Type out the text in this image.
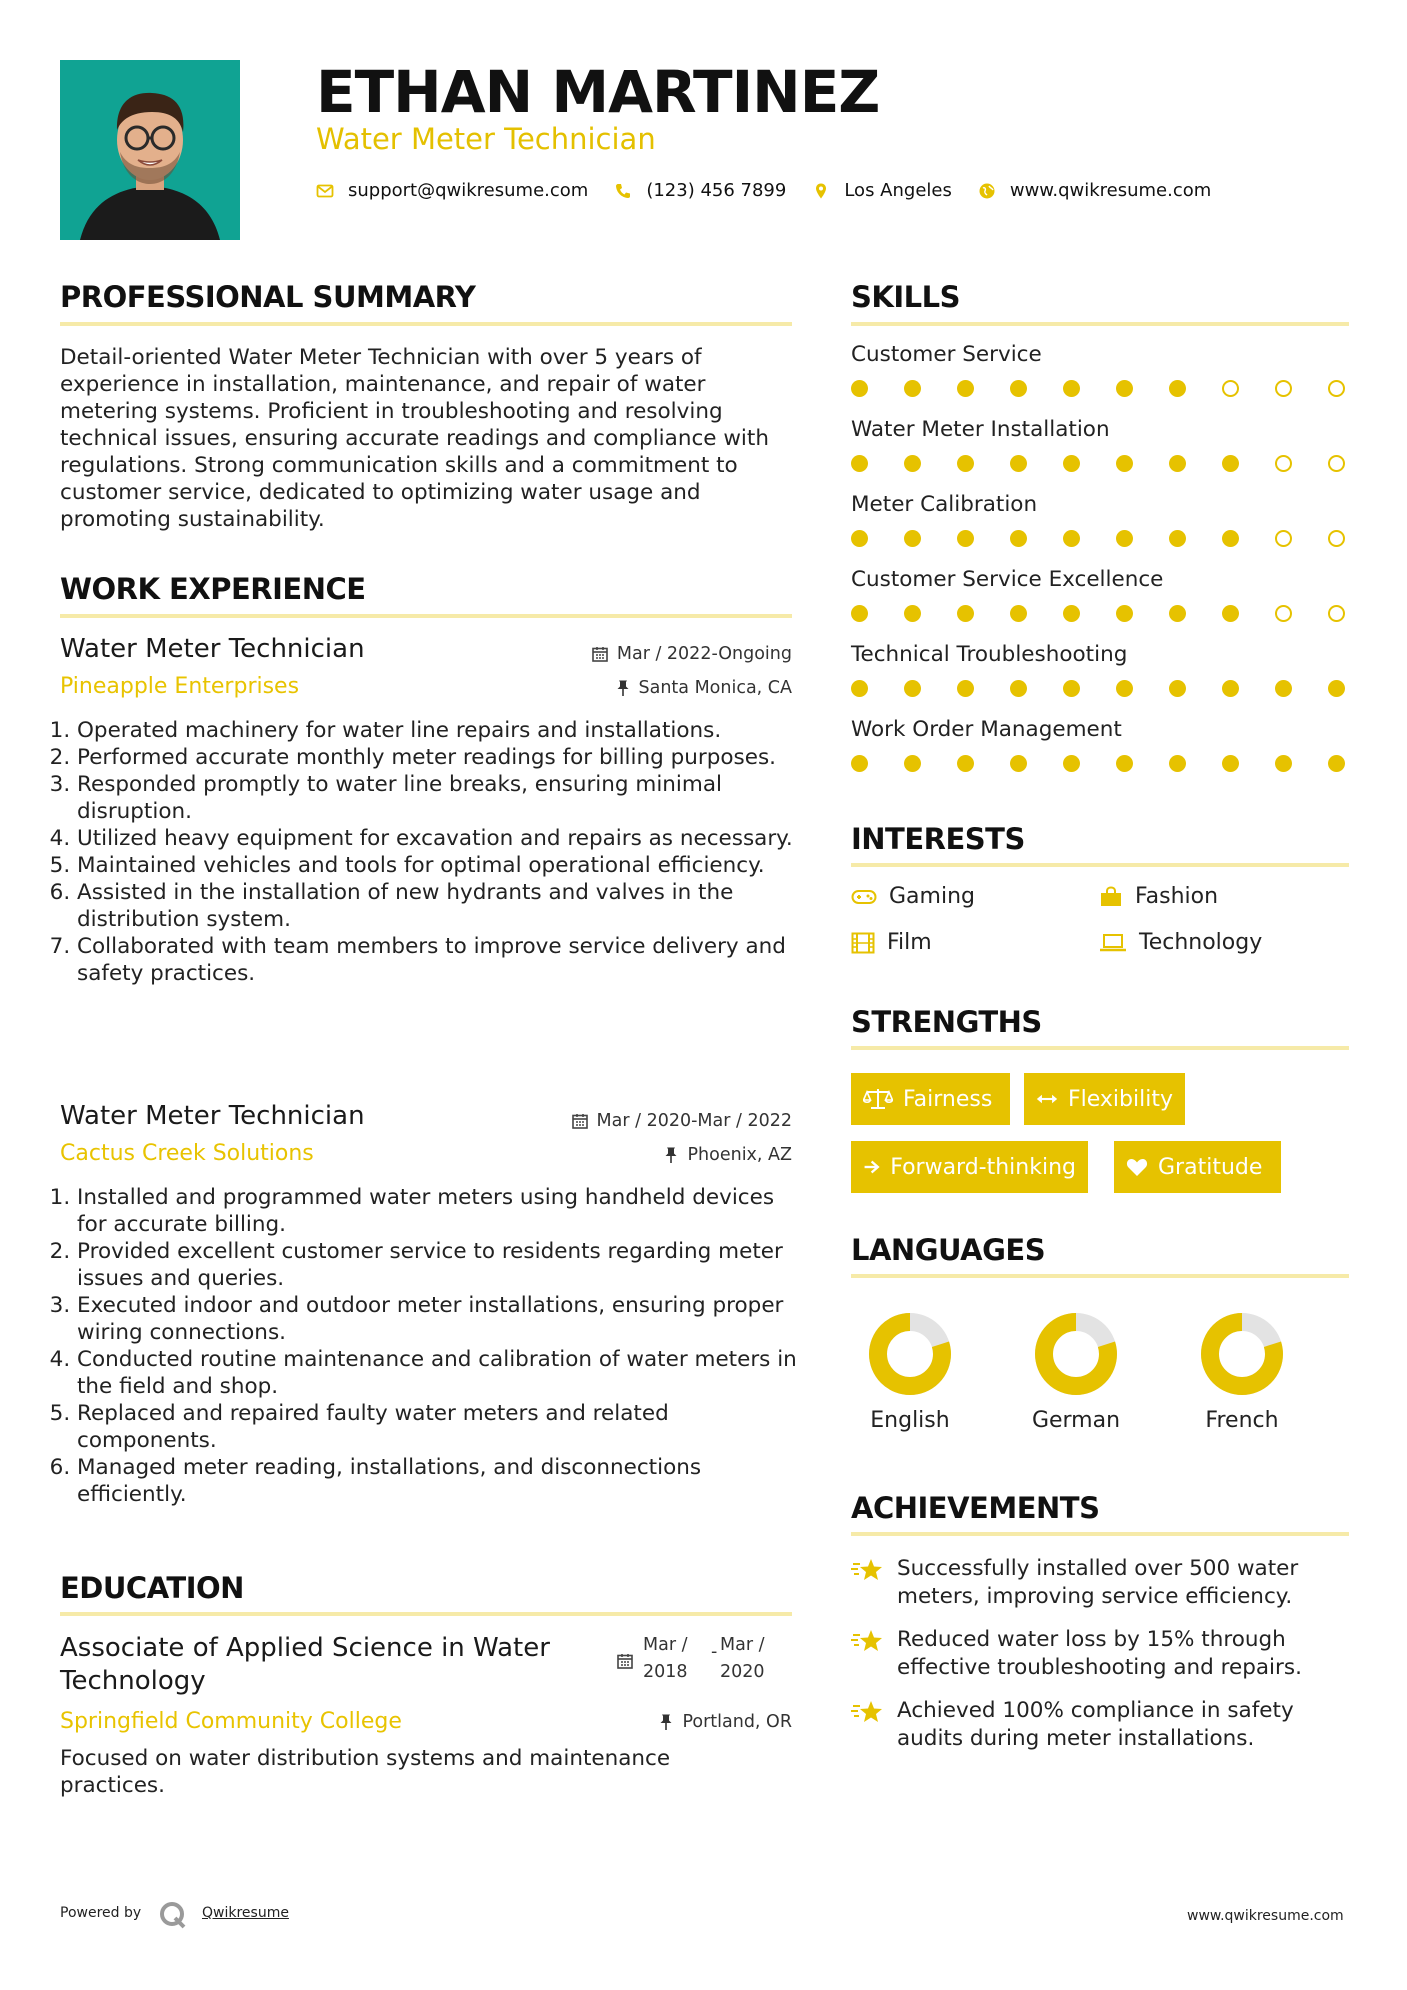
ETHAN MARTINEZ
Water Meter Technician
support@qwikresume.com	(123) 456 7899	Los Angeles	www.qwikresume.com
PROFESSIONAL SUMMARY
Detail-oriented Water Meter Technician with over 5 years of experience in installation, maintenance, and repair of water metering systems. Proficient in troubleshooting and resolving technical issues, ensuring accurate readings and compliance with regulations. Strong communication skills and a commitment to customer service, dedicated to optimizing water usage and promoting sustainability.
WORK EXPERIENCE
Water Meter Technician	Mar / 2022-Ongoing
Pineapple Enterprises	Santa Monica, CA
1. Operated machinery for water line repairs and installations.
2. Performed accurate monthly meter readings for billing purposes.
3. Responded promptly to water line breaks, ensuring minimal disruption.
4. Utilized heavy equipment for excavation and repairs as necessary.
5. Maintained vehicles and tools for optimal operational efficiency.
6. Assisted in the installation of new hydrants and valves in the distribution system.
7. Collaborated with team members to improve service delivery and safety practices.
Water Meter Technician	Mar / 2020-Mar / 2022
Cactus Creek Solutions	Phoenix, AZ
1. Installed and programmed water meters using handheld devices for accurate billing.
2. Provided excellent customer service to residents regarding meter issues and queries.
3. Executed indoor and outdoor meter installations, ensuring proper wiring connections.
4. Conducted routine maintenance and calibration of water meters in the field and shop.
5. Replaced and repaired faulty water meters and related components.
6. Managed meter reading, installations, and disconnections efficiently.
EDUCATION
Associate of Applied Science in Water
Technology
Mar /
2018
- Mar /
2020
Springfield Community College	Portland, OR
Focused on water distribution systems and maintenance practices.
SKILLS
Customer Service
Water Meter Installation
Meter Calibration
Customer Service Excellence
Technical Troubleshooting
Work Order Management
INTERESTS
Gaming	Fashion
Film	Technology
STRENGTHS
Fairness	Flexibility
Forward-thinking	Gratitude
LANGUAGES
English	German	French
ACHIEVEMENTS
Successfully installed over 500 water
meters, improving service efficiency.
Reduced water loss by 15% through
effective troubleshooting and repairs.
Achieved 100% compliance in safety
audits during meter installations.
Powered by	Qwikresume	www.qwikresume.com
